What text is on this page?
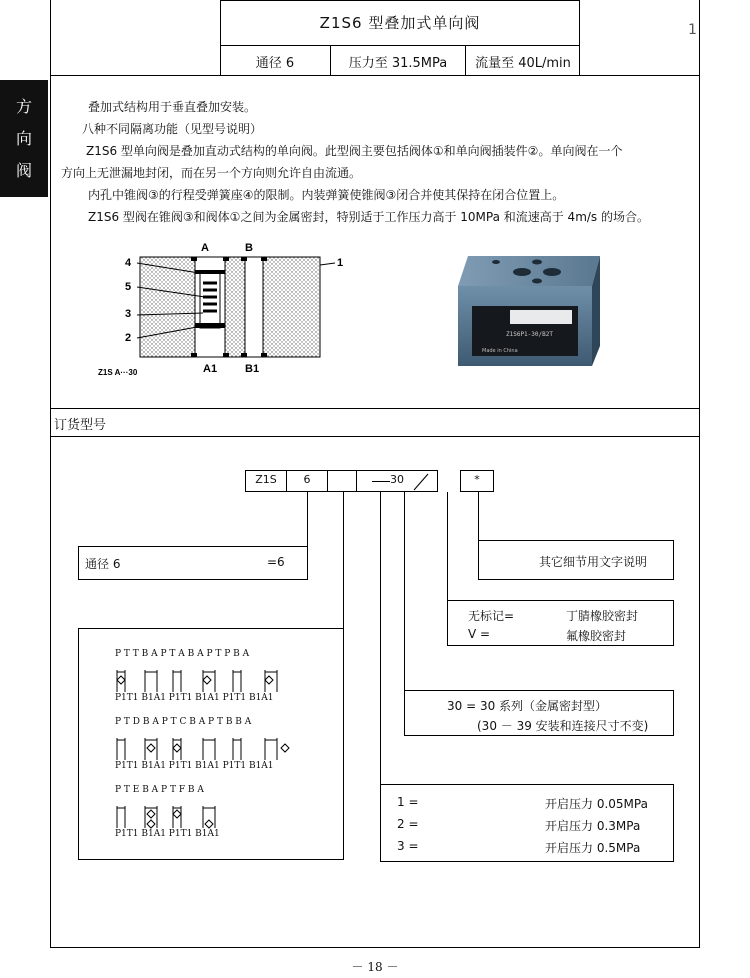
Z1S6 型叠加式单向阀
通径 6	压力至 31.5MPa	流量至 40L/min
1
方
向
阀
叠加式结构用于垂直叠加安装。
八种不同隔离功能（见型号说明）
Z1S6 型单向阀是叠加直动式结构的单向阀。此型阀主要包括阀体①和单向阀插装件②。单向阀在一个
方向上无泄漏地封闭，而在另一个方向则允许自由流通。
内孔中锥阀③的行程受弹簧座④的限制。内装弹簧使锥阀③闭合并使其保持在闭合位置上。
Z1S6 型阀在锥阀③和阀体①之间为金属密封，特别适于工作压力高于 10MPa 和流速高于 4m/s 的场合。
A	B
A1	B1
4
5
3
2
1
Z1S A···30
Z1S6P1-30/B2T
Made in China
订货型号
Z1S	6	30	*
通径 6	=6	其它细节用文字说明
无标记=	丁腈橡胶密封
V =	氟橡胶密封
30 = 30 系列（金属密封型）
(30 － 39 安装和连接尺寸不变)
1 =	开启压力 0.05MPa
2 =	开启压力 0.3MPa
3 =	开启压力 0.5MPa
P T T B A P T A B A P T P B A
P1T1 B1A1 P1T1 B1A1 P1T1 B1A1
P T D B A P T C B A P T B B A
P1T1 B1A1 P1T1 B1A1 P1T1 B1A1
P T E B A P T F B A
P1T1 B1A1 P1T1 B1A1
－ 18 －
